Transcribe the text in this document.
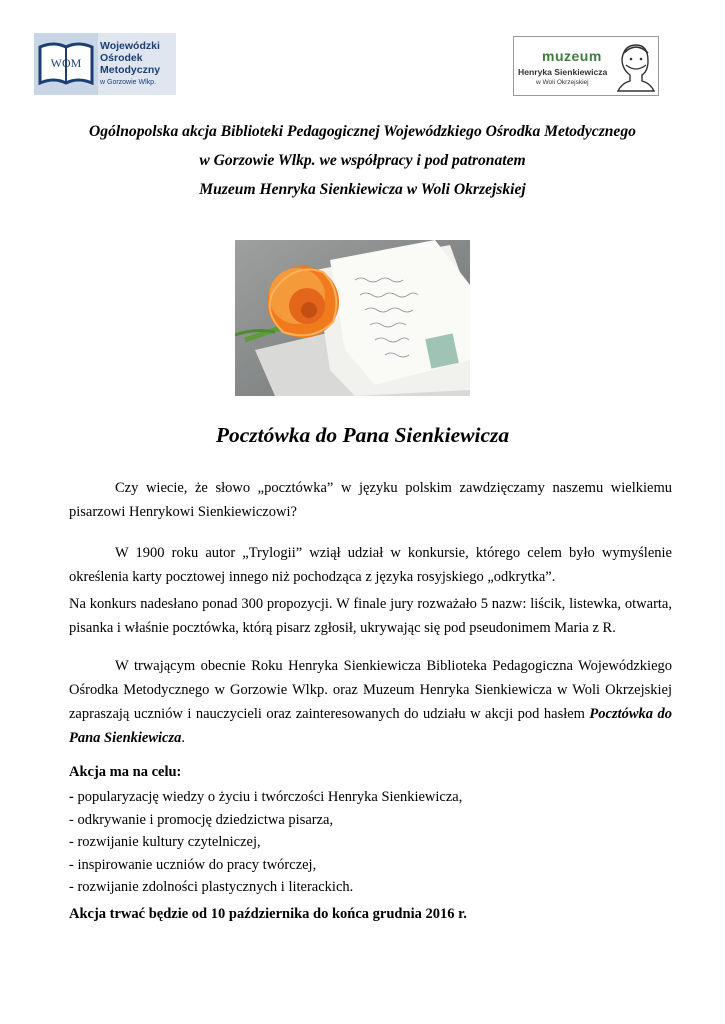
WOM
Wojewódzki
Ośrodek
Metodyczny
w Gorzowie Wlkp.
muzeum
Henryka Sienkiewicza
w Woli Okrzejskiej
Ogólnopolska akcja Biblioteki Pedagogicznej Wojewódzkiego Ośrodka Metodycznego
w Gorzowie Wlkp. we współpracy i pod patronatem
Muzeum Henryka Sienkiewicza w Woli Okrzejskiej
Pocztówka do Pana Sienkiewicza

Czy wiecie, że słowo „pocztówka” w języku polskim zawdzięczamy naszemu wielkiemu pisarzowi Henrykowi Sienkiewiczowi?

W 1900 roku autor „Trylogii” wziął udział w konkursie, którego celem było wymyślenie określenia karty pocztowej innego niż pochodząca z języka rosyjskiego „odkrytka”.

Na konkurs nadesłano ponad 300 propozycji. W finale jury rozważało 5 nazw: liścik, listewka, otwarta, pisanka i właśnie pocztówka, którą pisarz zgłosił, ukrywając się pod pseudonimem Maria z R.

W trwającym obecnie Roku Henryka Sienkiewicza Biblioteka Pedagogiczna Wojewódzkiego Ośrodka Metodycznego w Gorzowie Wlkp. oraz Muzeum Henryka Sienkiewicza w Woli Okrzejskiej zapraszają uczniów i nauczycieli oraz zainteresowanych do udziału w akcji pod hasłem Pocztówka do Pana Sienkiewicza.

Akcja ma na celu:
- popularyzację wiedzy o życiu i twórczości Henryka Sienkiewicza,
- odkrywanie i promocję dziedzictwa pisarza,
- rozwijanie kultury czytelniczej,
- inspirowanie uczniów do pracy twórczej,
- rozwijanie zdolności plastycznych i literackich.
Akcja trwać będzie od 10 października do końca grudnia 2016 r.
